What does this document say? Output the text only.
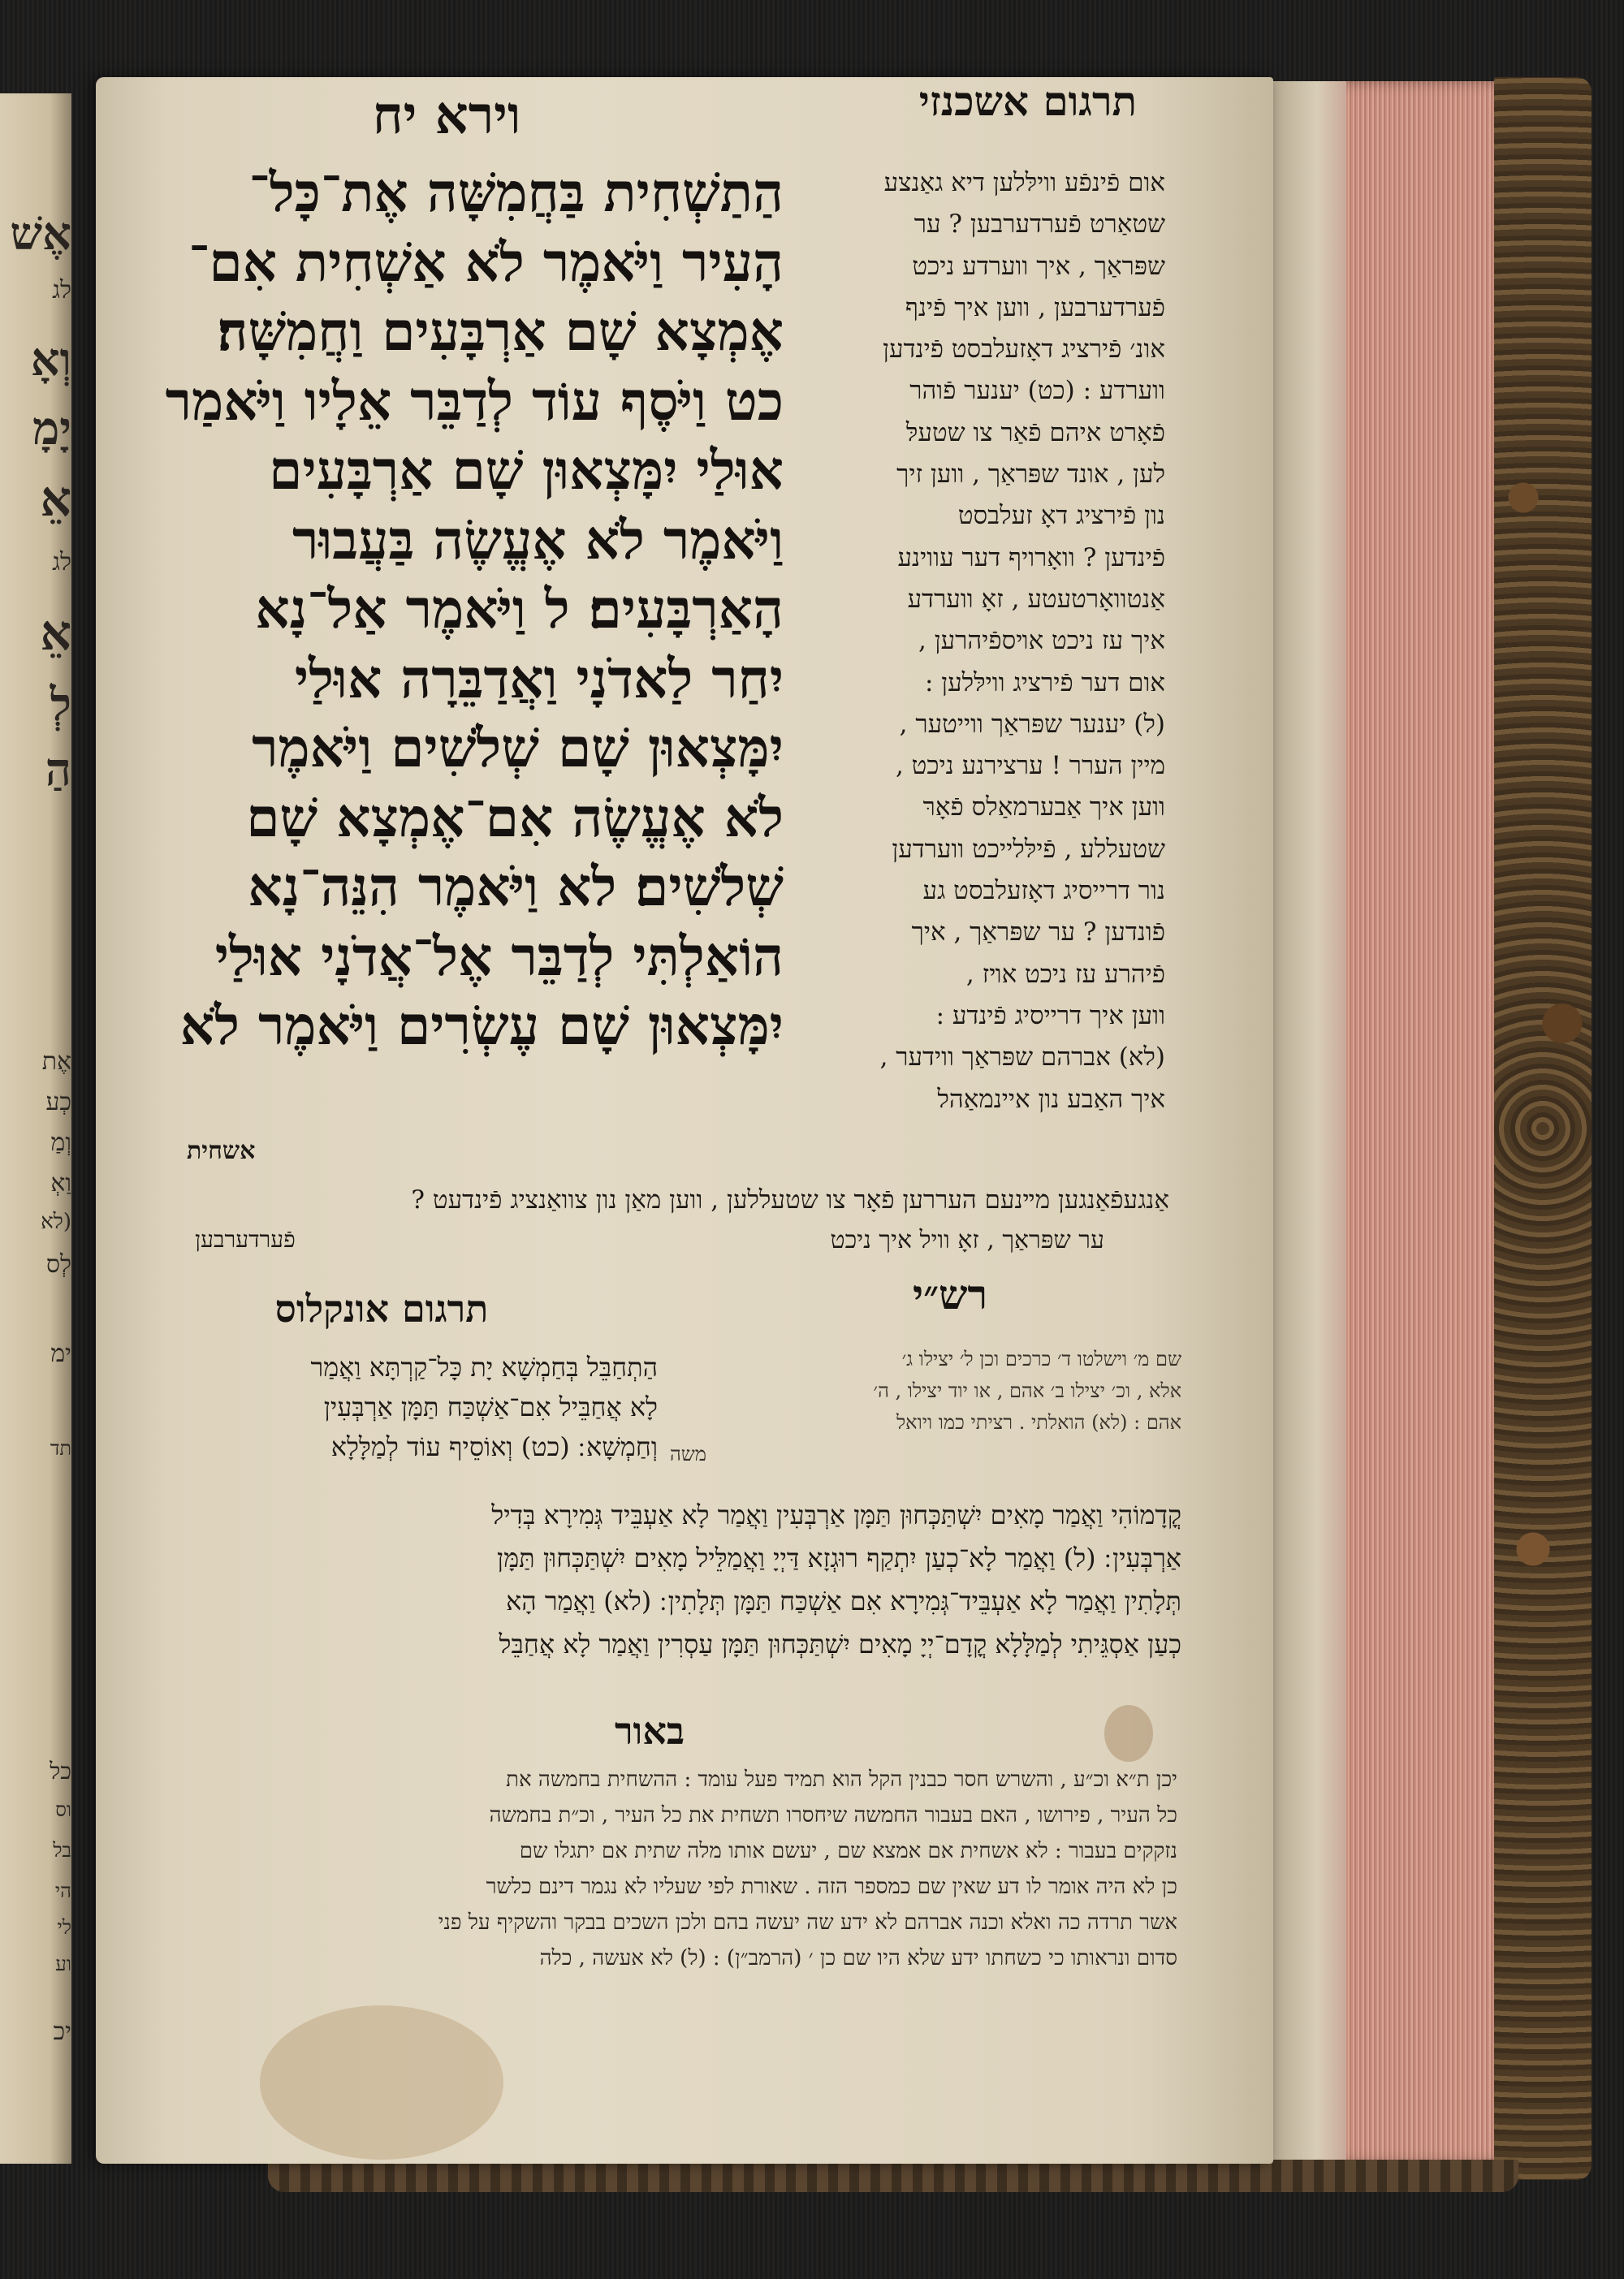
אֶשׁ
לג
וְאָ
יָמָ
אֵ
לג
אֵ
לְ
הַ
אֶת
כְע
וְמַ
וַאְ
(לא
לְס
ימ
תד
כל
וס
בל
הי
לי
וע
יכ
תרגום אשכנזי
וירא יח
הַתַשְׁחִית בַּחֲמִשָּׁה אֶת־כָּל־
הָעִיר וַיֹּאמֶר לֹא אַשְׁחִית אִם־
אֶמְצָא שָׁם אַרְבָּעִים וַחֲמִשָּׁה׃
כט וַיֹּסֶף עוֹד לְדַבֵּר אֵלָיו וַיֹּאמַר
אוּלַי יִמָּצְאוּן שָׁם אַרְבָּעִים
וַיֹּאמֶר לֹא אֶעֱשֶׂה בַּעֲבוּר
הָאַרְבָּעִים׃ ל וַיֹּאמֶר אַל־נָא
יִחַר לַאדֹנָי וַאֲדַבֵּרָה אוּלַי
יִמָּצְאוּן שָׁם שְׁלֹשִׁים וַיֹּאמֶר
לֹא אֶעֱשֶׂה אִם־אֶמְצָא שָׁם
שְׁלֹשִׁים׃ לא וַיֹּאמֶר הִנֵּה־נָא
הוֹאַלְתִּי לְדַבֵּר אֶל־אֲדֹנָי אוּלַי
יִמָּצְאוּן שָׁם עֶשְׂרִים וַיֹּאמֶר לֹא
אשחית
אום פֿינפֿע ווילּלען דיא גאַנצע
שטאַרט פֿערדערבען ? ער
שפּראַך , איך ווערדע ניכט
פֿערדערבען , ווען איך פֿינף
אונ׳ פֿירציג דאָזעלבסט פֿינדען
ווערדע : (כט) יענער פֿוהר
פֿאָרט איהם פֿאַר צו שטעלּ
לען , אונד שפּראַך , ווען זיך
נון פֿירציג דאָ זעלבסט
פֿינדען ? וואָרויף דער עווינע
אַנטוואָרטעטע , זאָ ווערדע
איך עז ניכט אױספֿיהרען ,
אום דער פֿירציג ווילּלען :
(ל) יענער שפּראַך ווייטער ,
מיין הערר ! ערצירנע ניכט ,
ווען איך אַבערמאַלס פֿאָרּ
שטעללע , פֿילּלייכט ווערדען
נור דרייסיג דאָזעלבסט גע
פֿונדען ? ער שפּראַך , איך
פֿיהרע עז ניכט אױז ,
ווען איך דרייסיג פֿינדע :
(לא) אברהם שפּראַך ווידער ,
איך האַבע נון איינמאַהל
אַנגעפֿאַנגען מײנעם העררען פֿאָר צו שטעללען , ווען מאַן נון צוואַנציג פֿינדעט ?
ער שפּראַך , זאָ וויל איך ניכט
פֿערדערבען
רש״י
שם מ׳ וישלטו ד׳ כרכים וכן ל׳ יצילו ג׳
אלא , וכ׳ יצילו ב׳ אהם , או יוד יצילו , ה׳
אהם : (לא) הואלתי . רציתי כמו ויואל
משה
תרגום אונקלוס
הַתְחַבֵּל בְּחַמְשָׁא יָת כָּל־קַרְתָּא וַאֲמַר
לָא אֲחַבֵּיל אִם־אַשְׁכַּח תַּמָּן אַרְבְּעִין
וְחַמְשָׁא ׃ (כט) וְאוֹסֵיף עוֹד לְמַלָּלָא
קֳדָמוֹהִי וַאֲמַר מָאִים יִשְׁתַּכְּחוּן תַּמָּן אַרְבְּעִין וַאֲמַר לָא אַעְבֵּיד גְּמִירָא בְּדִיל
אַרְבְּעִין ׃ (ל) וַאֲמַר לָא־כְעַן יִתְקַף רוּגְזָא דַּיְיָ וַאֲמַלֵּיל מָאִים יִשְׁתַּכְּחוּן תַּמָּן
תְּלָתִין וַאֲמַר לָא אַעְבֵּיד־גְּמִירָא אִם אַשְׁכַּח תַּמָּן תְּלָתִין ׃ (לא) וַאֲמַר הָא
כְעַן אַסְגֵּיתִי לְמַלָּלָא קֳדָם־יְיָ מָאִים יִשְׁתַּכְּחוּן תַּמָּן עַסְרִין וַאֲמַר לָא אֲחַבֵּל
באור
יכן ת״א וכ״ע , והשרש חסר כבנין הקל הוא תמיד פעל עומד : ההשחית בחמשה את
כל העיר , פירושו , האם בעבור החמשה שיחסרו תשחית את כל העיר , וכ״ת בחמשה
נזקקים בעבור : לא אשחית אם אמצא שם , יעשם אותו מלה שתית אם יתגלו שם
כן לא היה אומר לו דע שאין שם כמספר הזה . שאורת לפי שעליו לא נגמר דינם כלשר
אשר תרדה כה ואלא וכנה אברהם לא ידע שה יעשה בהם ולכן השכים בבקר והשקיף על פני
סדום ונראותו כי כשחתו ידע שלא היו שם כן ׳ (הרמב״ן) : (ל) לא אעשה , כלה
